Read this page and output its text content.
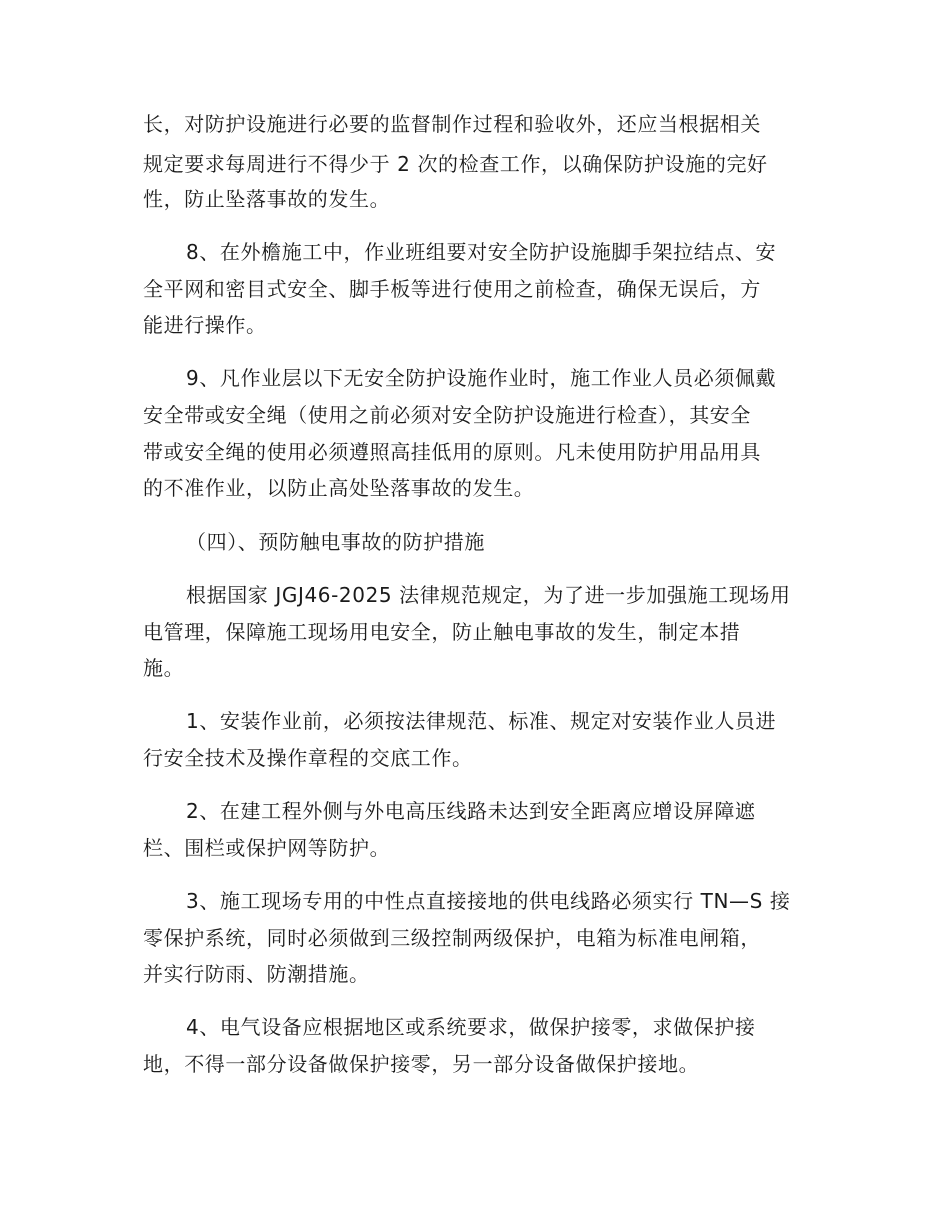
长，对防护设施进行必要的监督制作过程和验收外，还应当根据相关
规定要求每周进行不得少于 2 次的检查工作，以确保防护设施的完好
性，防止坠落事故的发生。
8、在外檐施工中，作业班组要对安全防护设施脚手架拉结点、安
全平网和密目式安全、脚手板等进行使用之前检查，确保无误后，方
能进行操作。
9、凡作业层以下无安全防护设施作业时，施工作业人员必须佩戴
安全带或安全绳（使用之前必须对安全防护设施进行检查），其安全
带或安全绳的使用必须遵照高挂低用的原则。凡未使用防护用品用具
的不准作业，以防止高处坠落事故的发生。
（四）、预防触电事故的防护措施
根据国家 JGJ46-2025 法律规范规定，为了进一步加强施工现场用
电管理，保障施工现场用电安全，防止触电事故的发生，制定本措
施。
1、安装作业前，必须按法律规范、标准、规定对安装作业人员进
行安全技术及操作章程的交底工作。
2、在建工程外侧与外电高压线路未达到安全距离应增设屏障遮
栏、围栏或保护网等防护。
3、施工现场专用的中性点直接接地的供电线路必须实行 TN—S 接
零保护系统，同时必须做到三级控制两级保护，电箱为标准电闸箱，
并实行防雨、防潮措施。
4、电气设备应根据地区或系统要求，做保护接零，求做保护接
地，不得一部分设备做保护接零，另一部分设备做保护接地。
